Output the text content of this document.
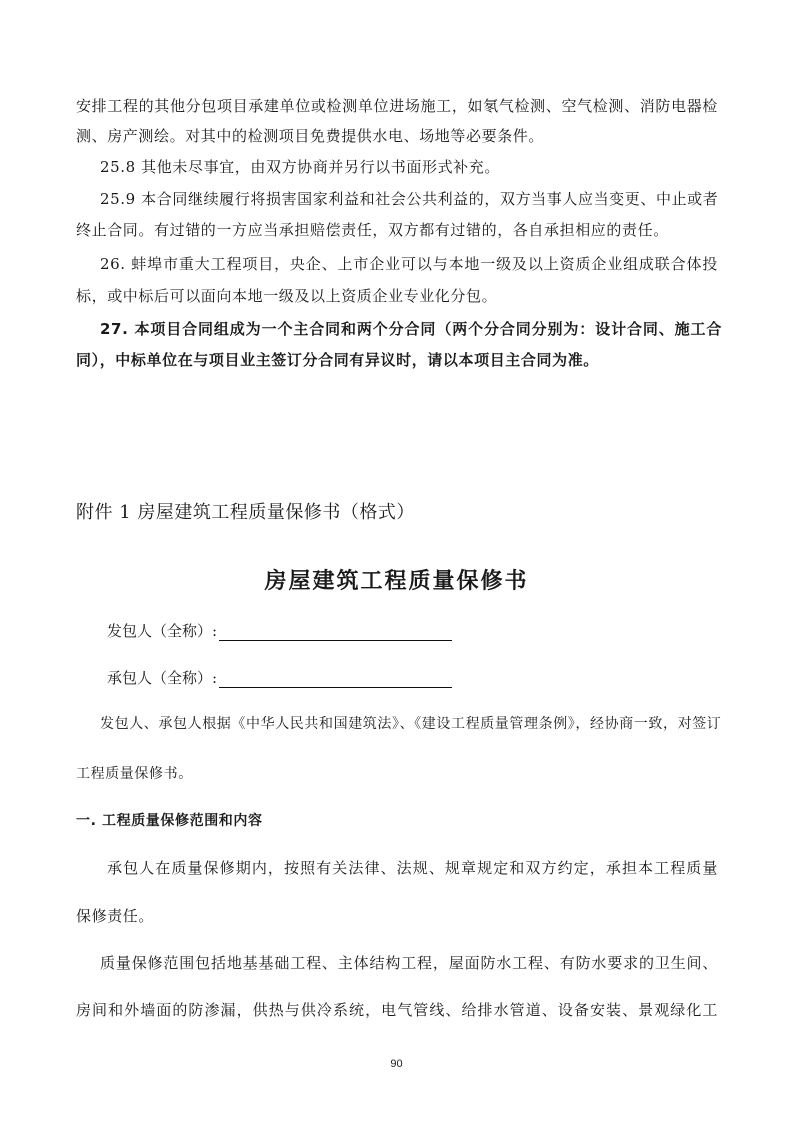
安排工程的其他分包项目承建单位或检测单位进场施工，如氡气检测、空气检测、消防电器检
测、房产测绘。对其中的检测项目免费提供水电、场地等必要条件。
25.8 其他未尽事宜，由双方协商并另行以书面形式补充。
25.9 本合同继续履行将损害国家利益和社会公共利益的，双方当事人应当变更、中止或者
终止合同。有过错的一方应当承担赔偿责任，双方都有过错的，各自承担相应的责任。
26. 蚌埠市重大工程项目，央企、上市企业可以与本地一级及以上资质企业组成联合体投
标，或中标后可以面向本地一级及以上资质企业专业化分包。
27. 本项目合同组成为一个主合同和两个分合同（两个分合同分别为：设计合同、施工合
同），中标单位在与项目业主签订分合同有异议时，请以本项目主合同为准。
附件 1 房屋建筑工程质量保修书（格式）
房屋建筑工程质量保修书
发包人（全称）:
承包人（全称）:
发包人、承包人根据《中华人民共和国建筑法》、《建设工程质量管理条例》，经协商一致，对签订
工程质量保修书。
一. 工程质量保修范围和内容
承包人在质量保修期内，按照有关法律、法规、规章规定和双方约定，承担本工程质量
保修责任。
质量保修范围包括地基基础工程、主体结构工程，屋面防水工程、有防水要求的卫生间、
房间和外墙面的防渗漏，供热与供冷系统，电气管线、给排水管道、设备安装、景观绿化工
90
